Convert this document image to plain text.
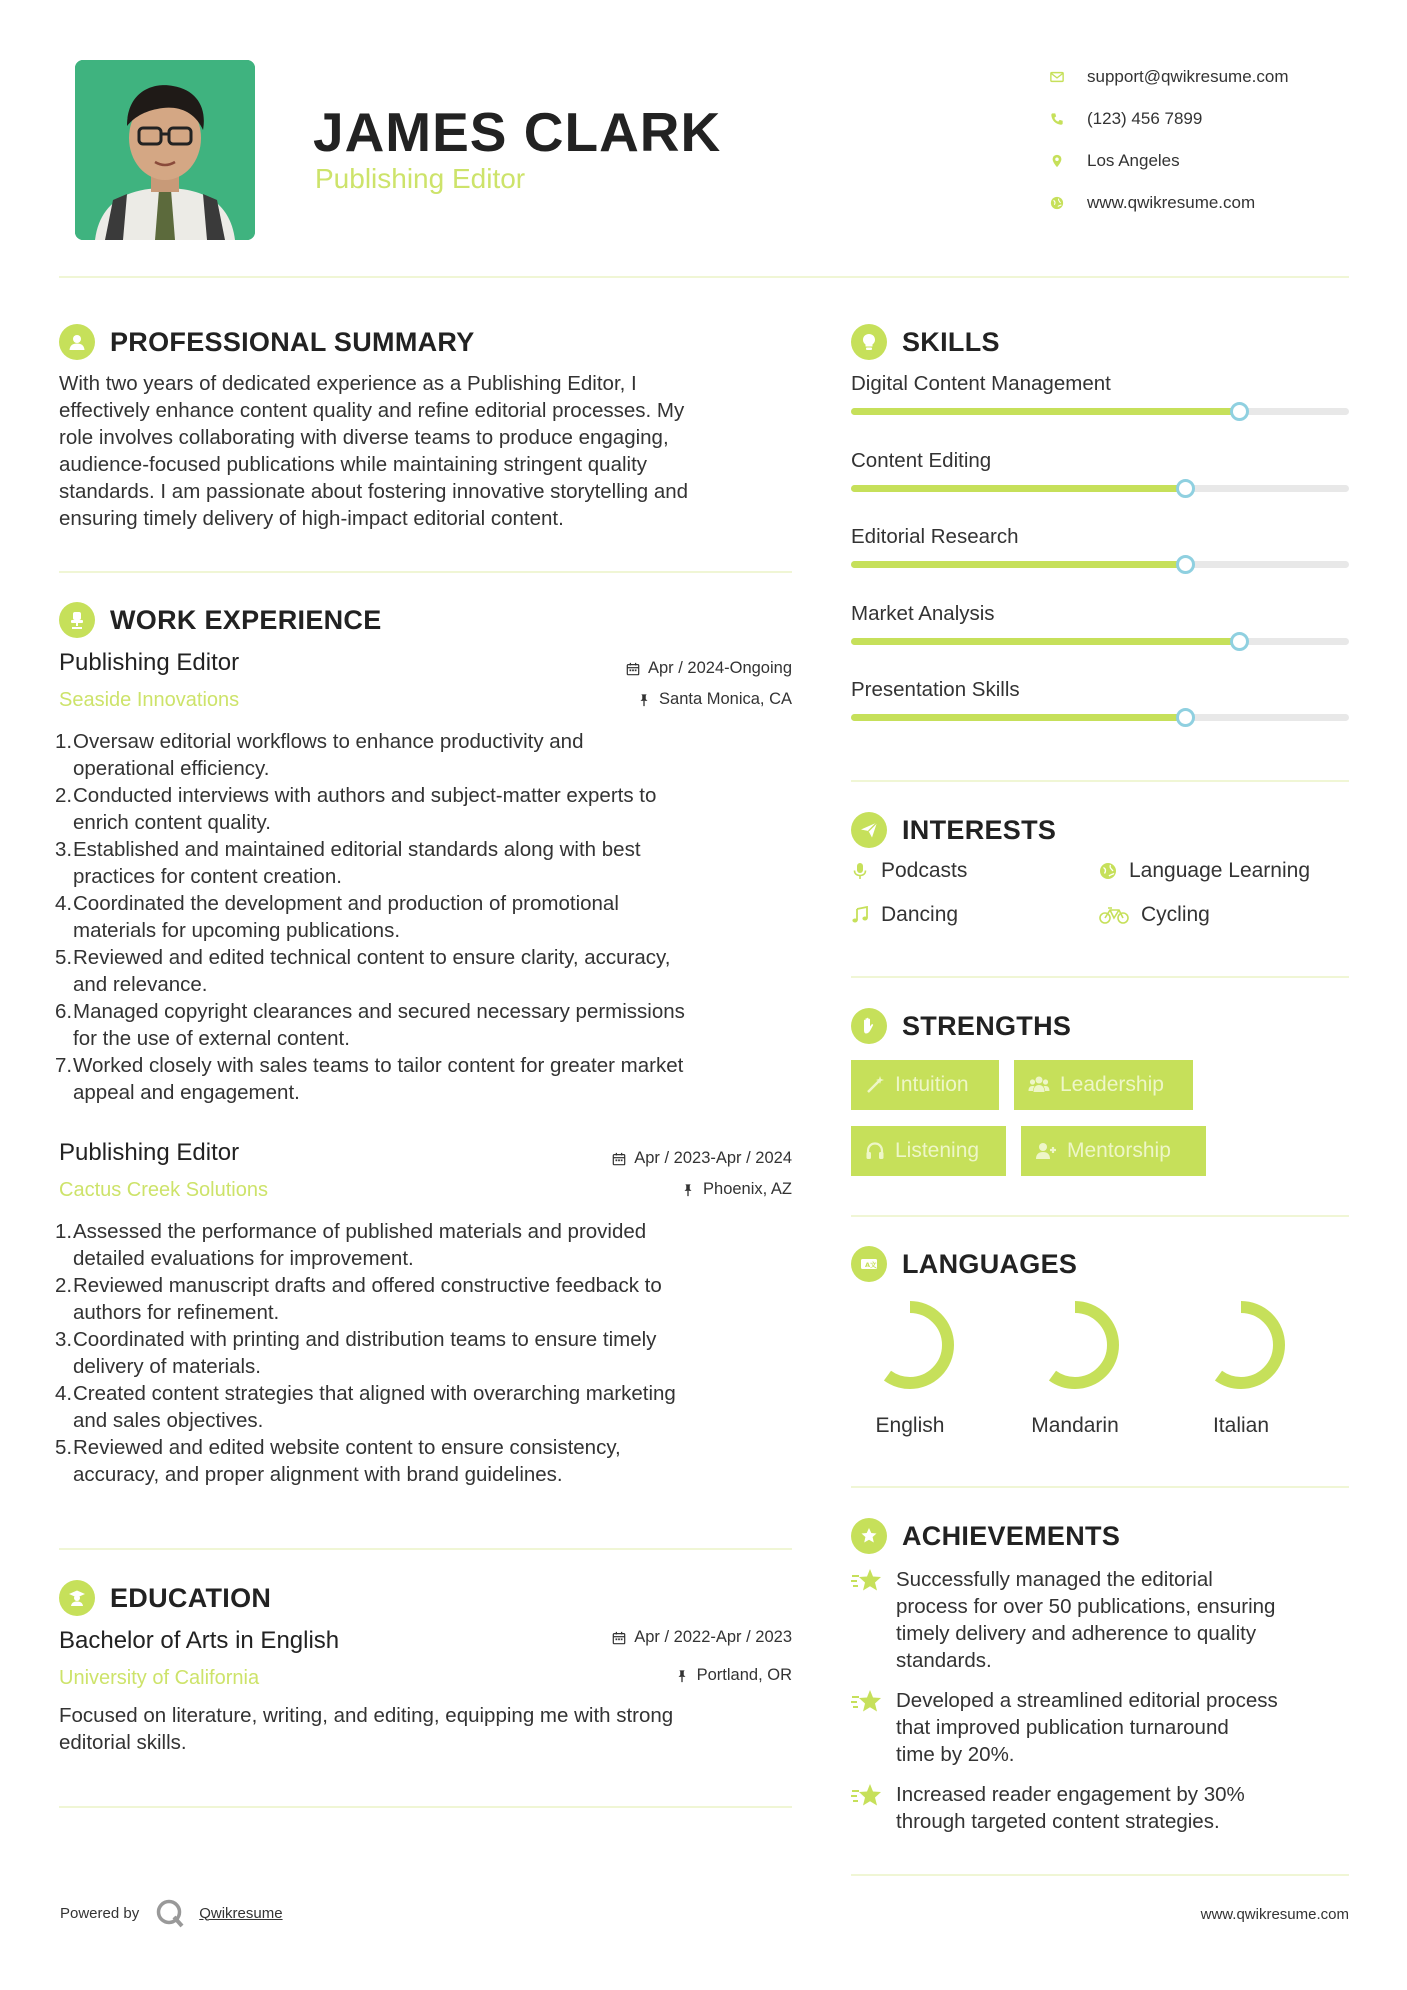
JAMES CLARK
Publishing Editor
support@qwikresume.com
(123) 456 7899
Los Angeles
www.qwikresume.com
PROFESSIONAL SUMMARY
With two years of dedicated experience as a Publishing Editor, I
effectively enhance content quality and refine editorial processes. My
role involves collaborating with diverse teams to produce engaging,
audience-focused publications while maintaining stringent quality
standards. I am passionate about fostering innovative storytelling and
ensuring timely delivery of high-impact editorial content.
WORK EXPERIENCE
Publishing Editor
Seaside Innovations
Apr / 2024-Ongoing
Santa Monica, CA
1.Oversaw editorial workflows to enhance productivity and
operational efficiency.
2.Conducted interviews with authors and subject-matter experts to
enrich content quality.
3.Established and maintained editorial standards along with best
practices for content creation.
4.Coordinated the development and production of promotional
materials for upcoming publications.
5.Reviewed and edited technical content to ensure clarity, accuracy,
and relevance.
6.Managed copyright clearances and secured necessary permissions
for the use of external content.
7.Worked closely with sales teams to tailor content for greater market
appeal and engagement.
Publishing Editor
Cactus Creek Solutions
Apr / 2023-Apr / 2024
Phoenix, AZ
1.Assessed the performance of published materials and provided
detailed evaluations for improvement.
2.Reviewed manuscript drafts and offered constructive feedback to
authors for refinement.
3.Coordinated with printing and distribution teams to ensure timely
delivery of materials.
4.Created content strategies that aligned with overarching marketing
and sales objectives.
5.Reviewed and edited website content to ensure consistency,
accuracy, and proper alignment with brand guidelines.
EDUCATION
Bachelor of Arts in English
University of California
Apr / 2022-Apr / 2023
Portland, OR
Focused on literature, writing, and editing, equipping me with strong
editorial skills.
SKILLS
Digital Content Management
Content Editing
Editorial Research
Market Analysis
Presentation Skills
INTERESTS
Podcasts	Language Learning
Dancing	Cycling
STRENGTHS
Intuition	Leadership
Listening	Mentorship
A 文 LANGUAGES
English	Mandarin	Italian
ACHIEVEMENTS
Successfully managed the editorial
process for over 50 publications, ensuring
timely delivery and adherence to quality
standards.
Developed a streamlined editorial process
that improved publication turnaround
time by 20%.
Increased reader engagement by 30%
through targeted content strategies.
Powered by	Qwikresume	www.qwikresume.com
